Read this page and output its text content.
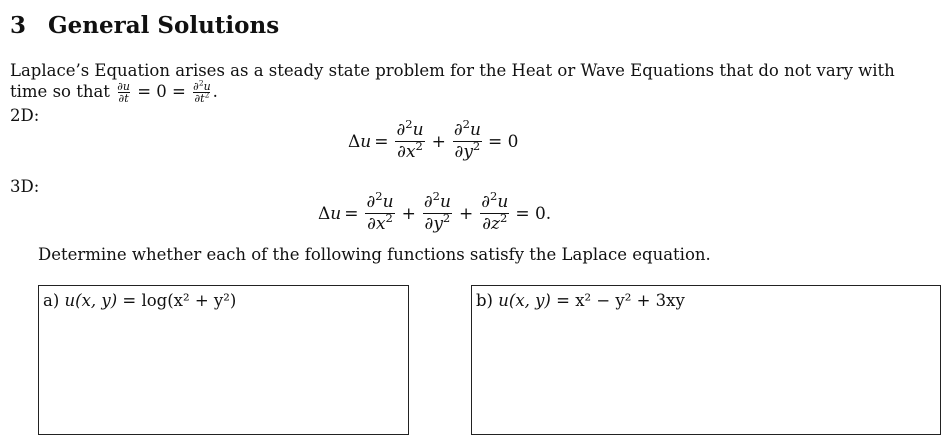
3 General Solutions
Laplace’s Equation arises as a steady state problem for the Heat or Wave Equations that do not vary with
time so that $\frac{\partial u}{\partial t} = 0 = \frac{\partial^2u}{\partial t^2}$ .
2D:
$\Delta u = \frac{\partial^2u}{\partial x^2} + \frac{\partial^2u}{\partial y^2} = 0$
3D:
$\Delta u = \frac{\partial^2u}{\partial x^2} + \frac{\partial^2u}{\partial y^2} + \frac{\partial^2u}{\partial z^2} = 0$.
Determine whether each of the following functions satisfy the Laplace equation.
a) u(x, y) = log(x² + y²)	b) u(x, y) = x² − y² + 3xy
